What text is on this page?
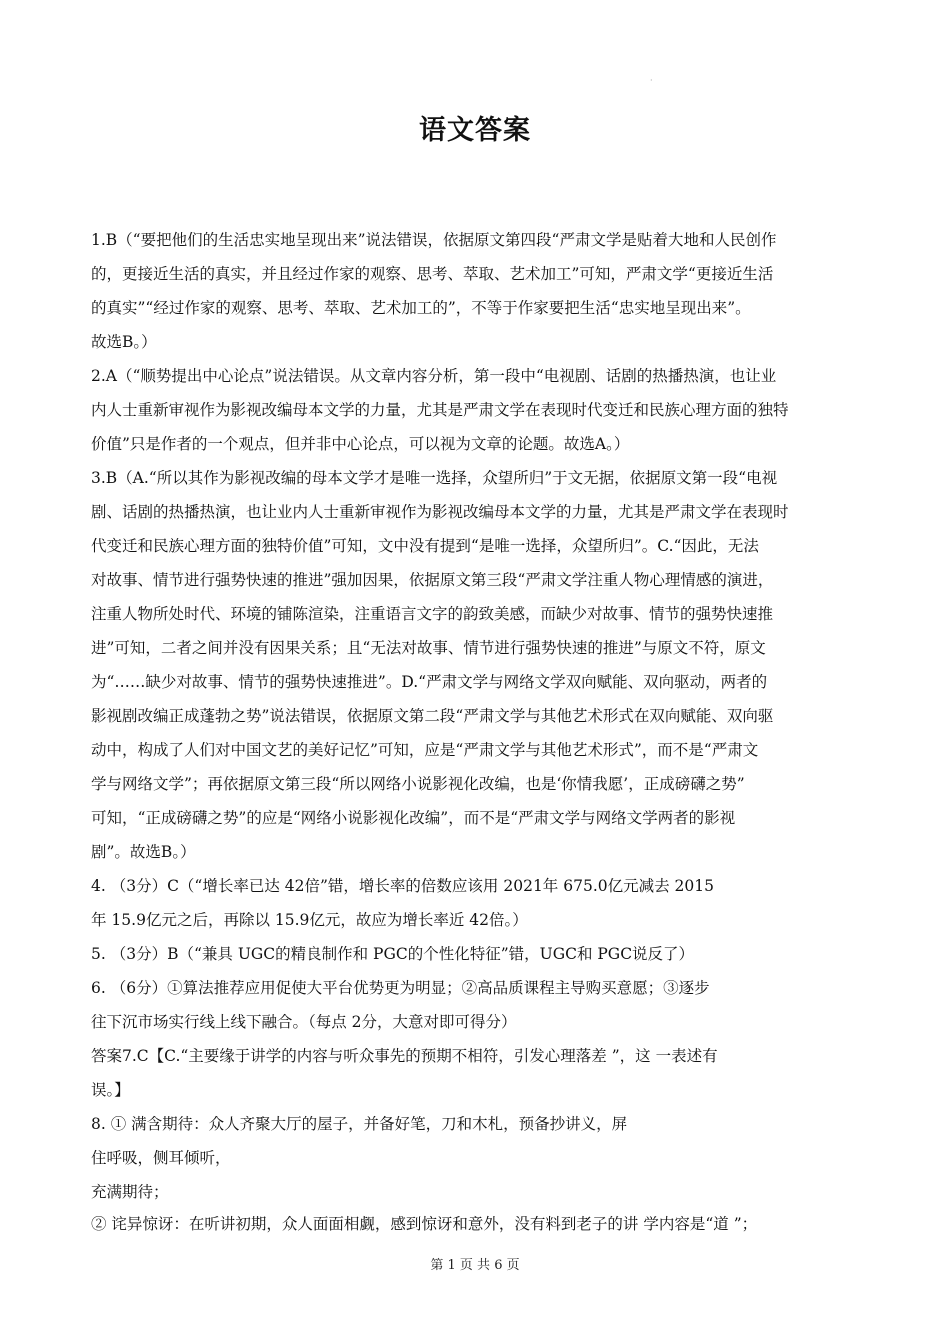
·
语文答案
1.B（“要把他们的生活忠实地呈现出来”说法错误，依据原文第四段“严肃文学是贴着大地和人民创作
的，更接近生活的真实，并且经过作家的观察、思考、萃取、艺术加工”可知，严肃文学“更接近生活
的真实”“经过作家的观察、思考、萃取、艺术加工的”，不等于作家要把生活“忠实地呈现出来”。
故选B。）
2.A（“顺势提出中心论点”说法错误。从文章内容分析，第一段中“电视剧、话剧的热播热演，也让业
内人士重新审视作为影视改编母本文学的力量，尤其是严肃文学在表现时代变迁和民族心理方面的独特
价值”只是作者的一个观点，但并非中心论点，可以视为文章的论题。故选A。）
3.B（A.“所以其作为影视改编的母本文学才是唯一选择，众望所归”于文无据，依据原文第一段“电视
剧、话剧的热播热演，也让业内人士重新审视作为影视改编母本文学的力量，尤其是严肃文学在表现时
代变迁和民族心理方面的独特价值”可知，文中没有提到“是唯一选择，众望所归”。C.“因此，无法
对故事、情节进行强势快速的推进”强加因果，依据原文第三段“严肃文学注重人物心理情感的演进，
注重人物所处时代、环境的铺陈渲染，注重语言文字的韵致美感，而缺少对故事、情节的强势快速推
进”可知，二者之间并没有因果关系；且“无法对故事、情节进行强势快速的推进”与原文不符，原文
为“……缺少对故事、情节的强势快速推进”。D.“严肃文学与网络文学双向赋能、双向驱动，两者的
影视剧改编正成蓬勃之势”说法错误，依据原文第二段“严肃文学与其他艺术形式在双向赋能、双向驱
动中，构成了人们对中国文艺的美好记忆”可知，应是“严肃文学与其他艺术形式”，而不是“严肃文
学与网络文学”；再依据原文第三段“所以网络小说影视化改编，也是‘你情我愿’，正成磅礴之势”
可知，“正成磅礴之势”的应是“网络小说影视化改编”，而不是“严肃文学与网络文学两者的影视
剧”。故选B。）
4. （3分）C（“增长率已达 42倍”错，增长率的倍数应该用 2021年 675.0亿元减去 2015
年 15.9亿元之后，再除以 15.9亿元，故应为增长率近 42倍。）
5. （3分）B（“兼具 UGC的精良制作和 PGC的个性化特征”错，UGC和 PGC说反了）
6. （6分）①算法推荐应用促使大平台优势更为明显；②高品质课程主导购买意愿；③逐步
往下沉市场实行线上线下融合。（每点 2分，大意对即可得分）
答案7.C【C.“主要缘于讲学的内容与听众事先的预期不相符，引发心理落差 ”，这 一表述有
误。】
8. ① 满含期待：众人齐聚大厅的屋子，并备好笔，刀和木札，预备抄讲义，屏
住呼吸，侧耳倾听，
充满期待；
② 诧异惊讶：在听讲初期，众人面面相觑，感到惊讶和意外，没有料到老子的讲 学内容是“道 ”；
第 1 页 共 6 页
